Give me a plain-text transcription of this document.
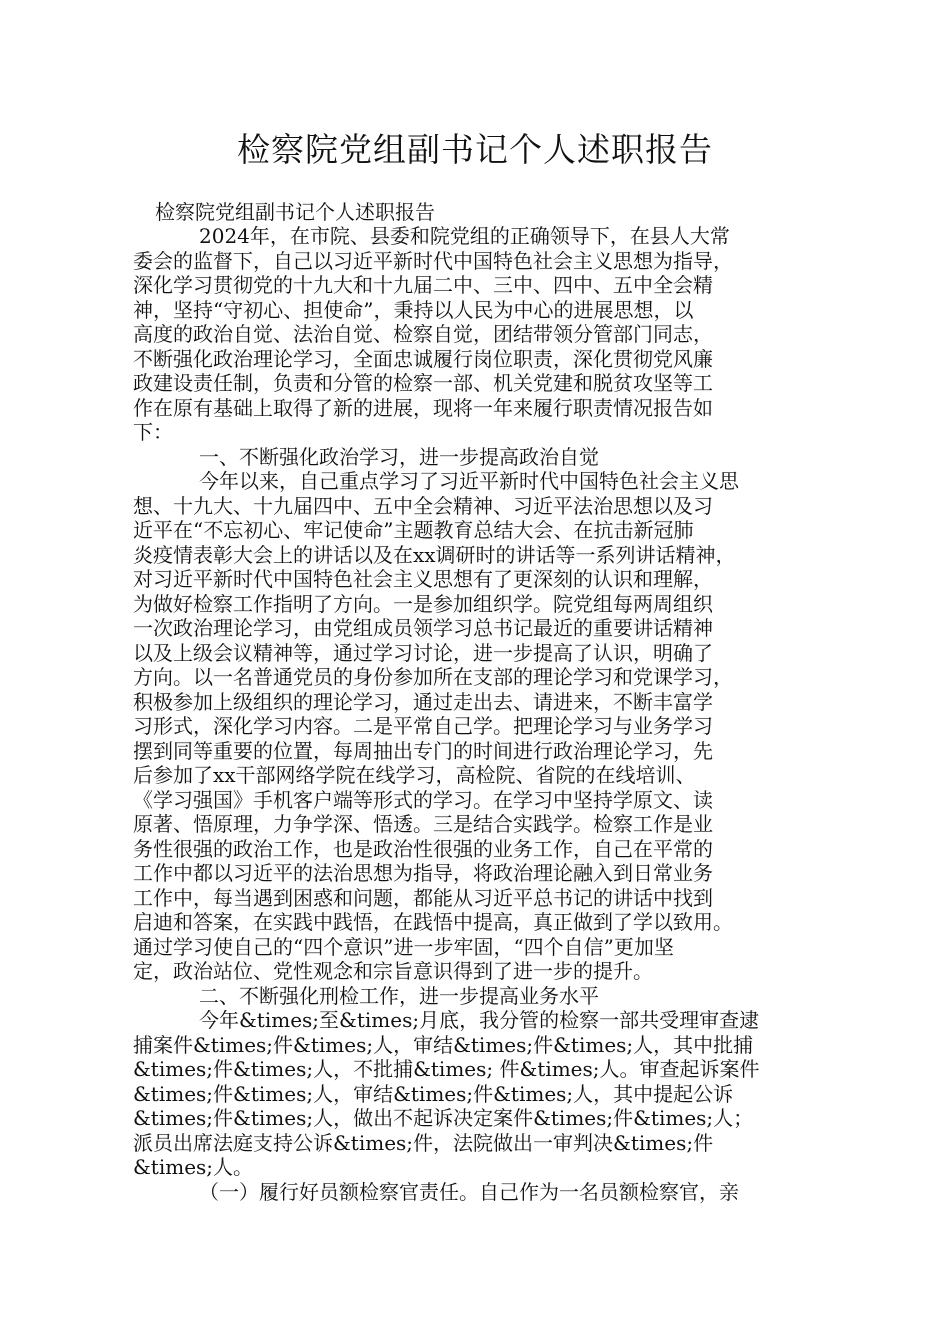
检察院党组副书记个人述职报告
检察院党组副书记个人述职报告
2024年，在市院、县委和院党组的正确领导下，在县人大常
委会的监督下，自己以习近平新时代中国特色社会主义思想为指导，
深化学习贯彻党的十九大和十九届二中、三中、四中、五中全会精
神，坚持“守初心、担使命”，秉持以人民为中心的进展思想，以
高度的政治自觉、法治自觉、检察自觉，团结带领分管部门同志，
不断强化政治理论学习，全面忠诚履行岗位职责，深化贯彻党风廉
政建设责任制，负责和分管的检察一部、机关党建和脱贫攻坚等工
作在原有基础上取得了新的进展，现将一年来履行职责情况报告如
下：
一、不断强化政治学习，进一步提高政治自觉
今年以来，自己重点学习了习近平新时代中国特色社会主义思
想、十九大、十九届四中、五中全会精神、习近平法治思想以及习
近平在“不忘初心、牢记使命”主题教育总结大会、在抗击新冠肺
炎疫情表彰大会上的讲话以及在xx调研时的讲话等一系列讲话精神，
对习近平新时代中国特色社会主义思想有了更深刻的认识和理解，
为做好检察工作指明了方向。一是参加组织学。院党组每两周组织
一次政治理论学习，由党组成员领学习总书记最近的重要讲话精神
以及上级会议精神等，通过学习讨论，进一步提高了认识，明确了
方向。以一名普通党员的身份参加所在支部的理论学习和党课学习，
积极参加上级组织的理论学习，通过走出去、请进来，不断丰富学
习形式，深化学习内容。二是平常自己学。把理论学习与业务学习
摆到同等重要的位置，每周抽出专门的时间进行政治理论学习，先
后参加了xx干部网络学院在线学习，高检院、省院的在线培训、
《学习强国》手机客户端等形式的学习。在学习中坚持学原文、读
原著、悟原理，力争学深、悟透。三是结合实践学。检察工作是业
务性很强的政治工作，也是政治性很强的业务工作，自己在平常的
工作中都以习近平的法治思想为指导，将政治理论融入到日常业务
工作中，每当遇到困惑和问题，都能从习近平总书记的讲话中找到
启迪和答案，在实践中践悟，在践悟中提高，真正做到了学以致用。
通过学习使自己的“四个意识”进一步牢固，“四个自信”更加坚
定，政治站位、党性观念和宗旨意识得到了进一步的提升。
二、不断强化刑检工作，进一步提高业务水平
今年&times;至&times;月底，我分管的检察一部共受理审查逮
捕案件&times;件&times;人，审结&times;件&times;人，其中批捕
&times;件&times;人，不批捕&times; 件&times;人。审查起诉案件
&times;件&times;人，审结&times;件&times;人，其中提起公诉
&times;件&times;人，做出不起诉决定案件&times;件&times;人；
派员出席法庭支持公诉&times;件，法院做出一审判决&times;件
&times;人。
（一）履行好员额检察官责任。自己作为一名员额检察官，亲
